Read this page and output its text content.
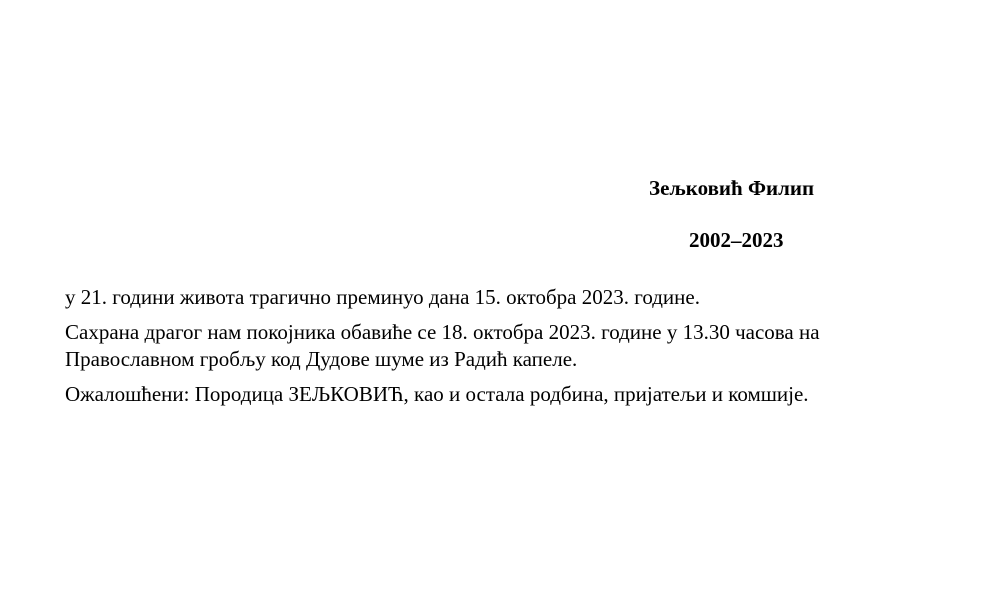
Зељковић Филип
2002–2023

у 21. години живота трагично преминуо дана 15. октобра 2023. године.

Сахрана драгог нам покојника обавиће се 18. октобра 2023. године у 13.30 часова на
Православном гробљу код Дудове шуме из Радић капеле.

Ожалошћени: Породица ЗЕЉКОВИЋ, као и остала родбина, пријатељи и комшије.
